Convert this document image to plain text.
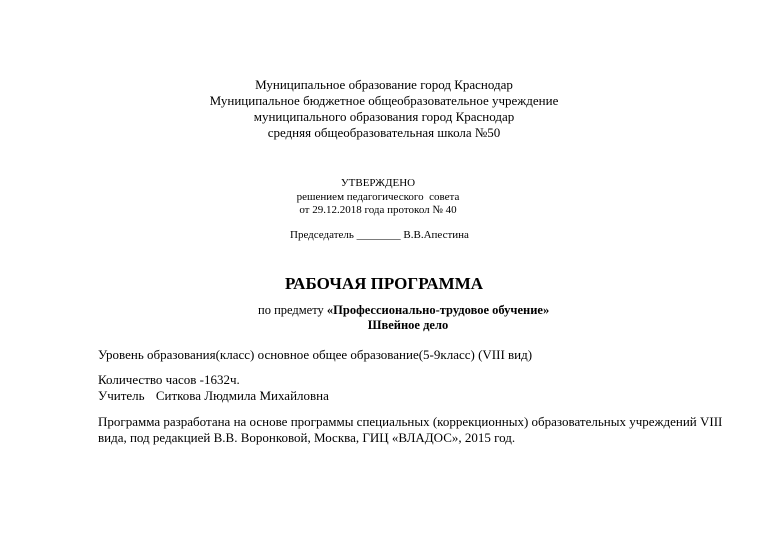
Муниципальное образование город Краснодар
Муниципальное бюджетное общеобразовательное учреждение
муниципального образования город Краснодар
средняя общеобразовательная школа №50
УТВЕРЖДЕНО
решением педагогического  совета
от 29.12.2018 года протокол № 40
Председатель ________ В.В.Апестина
РАБОЧАЯ ПРОГРАММА
по предмету «Профессионально-трудовое обучение»
Швейное дело
Уровень образования(класс) основное общее образование(5-9класс) (VIII вид)
Количество часов -1632ч.
Учитель Ситкова Людмила Михайловна
Программа разработана на основе программы специальных (коррекционных) образовательных учреждений VIII
вида, под редакцией В.В. Воронковой, Москва, ГИЦ «ВЛАДОС», 2015 год.
